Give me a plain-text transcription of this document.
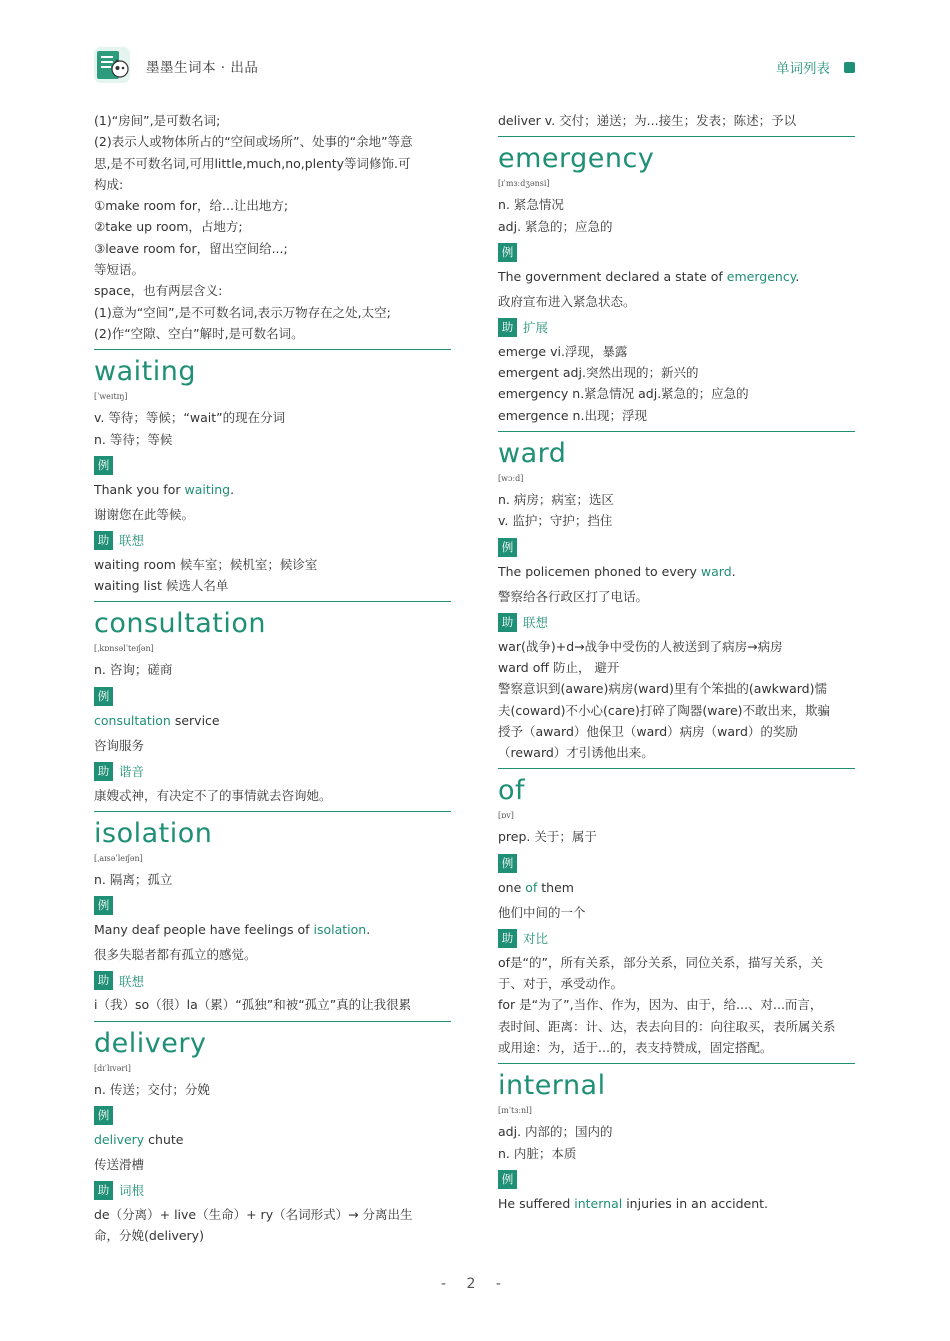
墨墨生词本 · 出品	单词列表
(1)“房间”,是可数名词;
(2)表示人或物体所占的“空间或场所”、处事的“余地”等意
思,是不可数名词,可用little,much,no,plenty等词修饰.可
构成:
①make room for，给...让出地方;
②take up room，占地方;
③leave room for，留出空间给...;
等短语。
space，也有两层含义:
(1)意为“空间”,是不可数名词,表示万物存在之处,太空;
(2)作“空隙、空白”解时,是可数名词。
waiting
[ˈweɪtɪŋ]
v. 等待；等候；“wait”的现在分词
n. 等待；等候
例
Thank you for waiting.
谢谢您在此等候。
助 联想
waiting room 候车室；候机室；候诊室
waiting list 候选人名单
consultation
[ˌkɒnsəlˈteɪʃən]
n. 咨询；磋商
例
consultation service
咨询服务
助 谐音
康嫂忒神，有决定不了的事情就去咨询她。
isolation
[ˌaɪsəˈleɪʃən]
n. 隔离；孤立
例
Many deaf people have feelings of isolation.
很多失聪者都有孤立的感觉。
助 联想
i（我）so（很）la（累）“孤独”和被“孤立”真的让我很累
delivery
[dɪˈlɪvəri]
n. 传送；交付；分娩
例
delivery chute
传送滑槽
助 词根
de（分离）+ live（生命）+ ry（名词形式）→ 分离出生
命，分娩(delivery)
deliver v. 交付；递送；为...接生；发表；陈述；予以
emergency
[ɪˈmɜːdʒənsi]
n. 紧急情况
adj. 紧急的；应急的
例
The government declared a state of emergency.
政府宣布进入紧急状态。
助 扩展
emerge vi.浮现，暴露
emergent adj.突然出现的；新兴的
emergency n.紧急情况 adj.紧急的；应急的
emergence n.出现；浮现
ward
[wɔːd]
n. 病房；病室；选区
v. 监护；守护；挡住
例
The policemen phoned to every ward.
警察给各行政区打了电话。
助 联想
war(战争)+d→战争中受伤的人被送到了病房→病房
ward off 防止， 避开
警察意识到(aware)病房(ward)里有个笨拙的(awkward)懦
夫(coward)不小心(care)打碎了陶器(ware)不敢出来，欺骗
授予（award）他保卫（ward）病房（ward）的奖励
（reward）才引诱他出来。
of
[ɒv]
prep. 关于；属于
例
one of them
他们中间的一个
助 对比
of是“的”，所有关系，部分关系，同位关系，描写关系，关
于、对于，承受动作。
for 是“为了”,当作、作为，因为、由于，给...、对...而言，
表时间、距离：计、达，表去向目的：向往取买，表所属关系
或用途：为，适于...的，表支持赞成，固定搭配。
internal
[ɪnˈtɜːnl]
adj. 内部的；国内的
n. 内脏；本质
例
He suffered internal injuries in an accident.
- 2 -
